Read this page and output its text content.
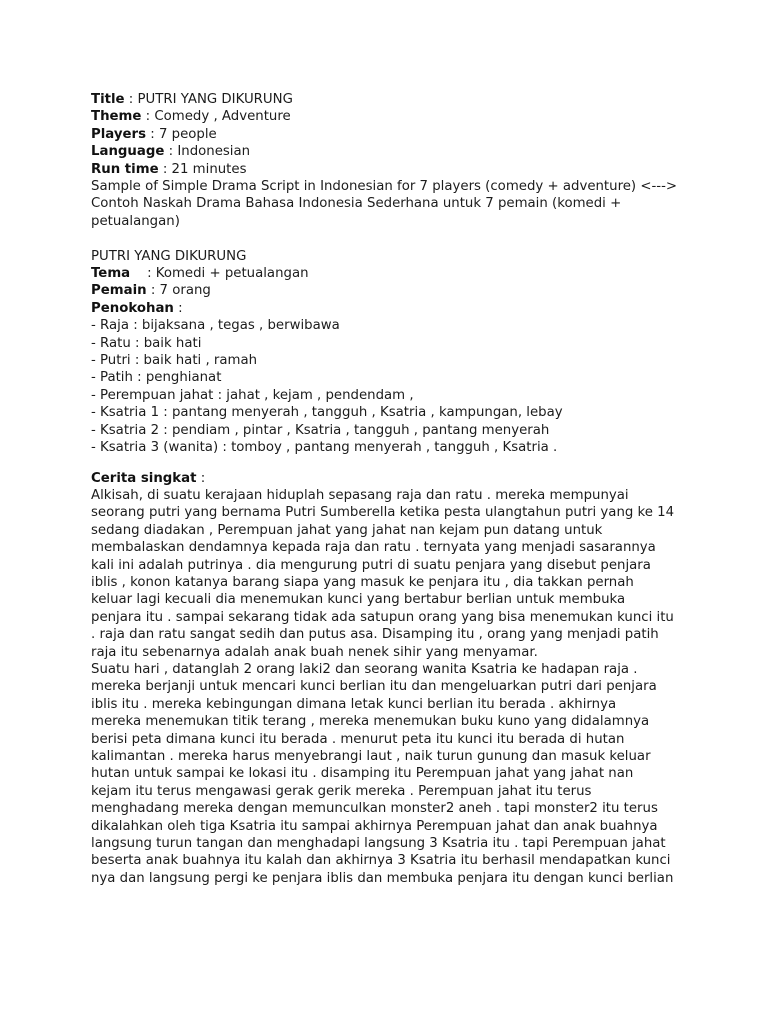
Title : PUTRI YANG DIKURUNG
Theme : Comedy , Adventure
Players : 7 people
Language : Indonesian
Run time : 21 minutes
Sample of Simple Drama Script in Indonesian for 7 players (comedy + adventure) <--->
Contoh Naskah Drama Bahasa Indonesia Sederhana untuk 7 pemain (komedi +
petualangan)
PUTRI YANG DIKURUNG
Tema    : Komedi + petualangan
Pemain : 7 orang
Penokohan :
- Raja : bijaksana , tegas , berwibawa
- Ratu : baik hati
- Putri : baik hati , ramah
- Patih : penghianat
- Perempuan jahat : jahat , kejam , pendendam ,
- Ksatria 1 : pantang menyerah , tangguh , Ksatria , kampungan, lebay
- Ksatria 2 : pendiam , pintar , Ksatria , tangguh , pantang menyerah
- Ksatria 3 (wanita) : tomboy , pantang menyerah , tangguh , Ksatria .
Cerita singkat :
Alkisah, di suatu kerajaan hiduplah sepasang raja dan ratu . mereka mempunyai
seorang putri yang bernama Putri Sumberella ketika pesta ulangtahun putri yang ke 14
sedang diadakan , Perempuan jahat yang jahat nan kejam pun datang untuk
membalaskan dendamnya kepada raja dan ratu . ternyata yang menjadi sasarannya
kali ini adalah putrinya . dia mengurung putri di suatu penjara yang disebut penjara
iblis , konon katanya barang siapa yang masuk ke penjara itu , dia takkan pernah
keluar lagi kecuali dia menemukan kunci yang bertabur berlian untuk membuka
penjara itu . sampai sekarang tidak ada satupun orang yang bisa menemukan kunci itu
. raja dan ratu sangat sedih dan putus asa. Disamping itu , orang yang menjadi patih
raja itu sebenarnya adalah anak buah nenek sihir yang menyamar.
Suatu hari , datanglah 2 orang laki2 dan seorang wanita Ksatria ke hadapan raja .
mereka berjanji untuk mencari kunci berlian itu dan mengeluarkan putri dari penjara
iblis itu . mereka kebingungan dimana letak kunci berlian itu berada . akhirnya
mereka menemukan titik terang , mereka menemukan buku kuno yang didalamnya
berisi peta dimana kunci itu berada . menurut peta itu kunci itu berada di hutan
kalimantan . mereka harus menyebrangi laut , naik turun gunung dan masuk keluar
hutan untuk sampai ke lokasi itu . disamping itu Perempuan jahat yang jahat nan
kejam itu terus mengawasi gerak gerik mereka . Perempuan jahat itu terus
menghadang mereka dengan memunculkan monster2 aneh . tapi monster2 itu terus
dikalahkan oleh tiga Ksatria itu sampai akhirnya Perempuan jahat dan anak buahnya
langsung turun tangan dan menghadapi langsung 3 Ksatria itu . tapi Perempuan jahat
beserta anak buahnya itu kalah dan akhirnya 3 Ksatria itu berhasil mendapatkan kunci
nya dan langsung pergi ke penjara iblis dan membuka penjara itu dengan kunci berlian
